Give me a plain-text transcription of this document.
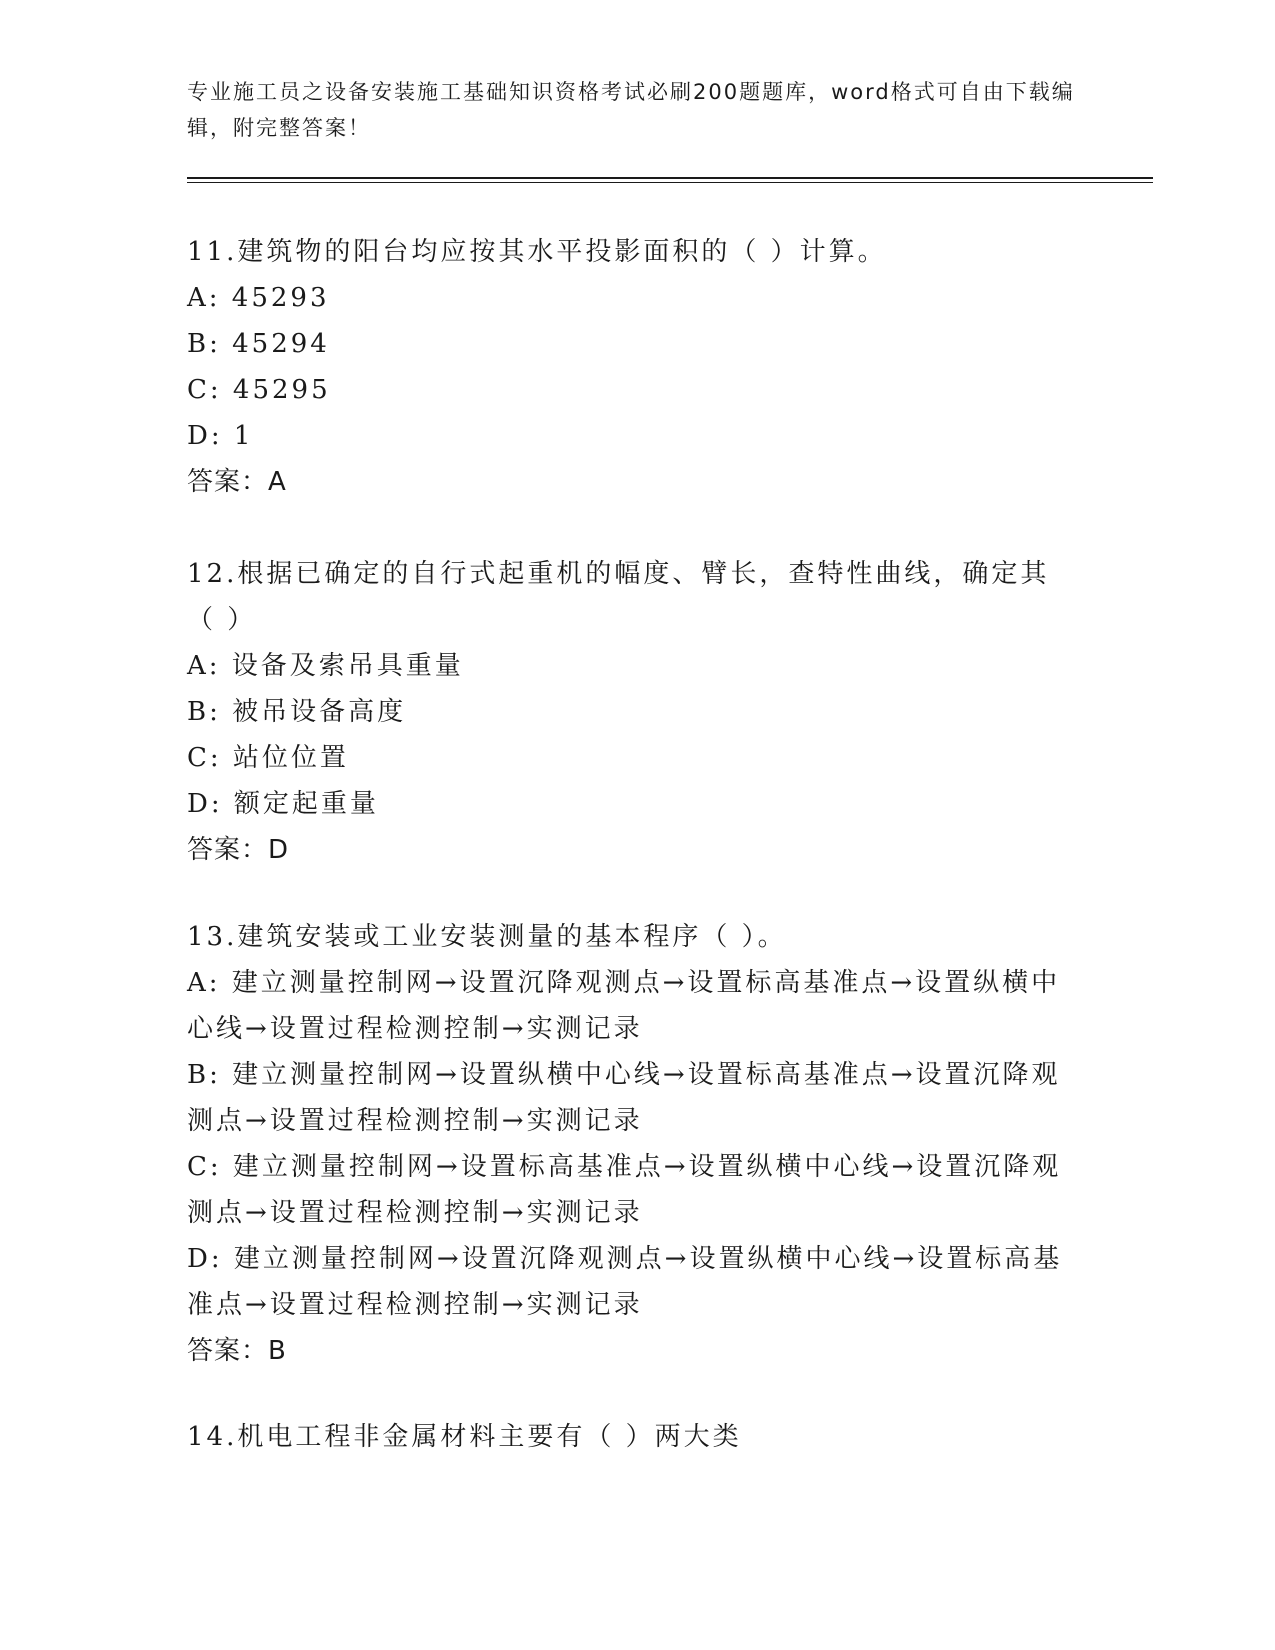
专业施工员之设备安装施工基础知识资格考试必刷200题题库，word格式可自由下载编辑，附完整答案！
11.建筑物的阳台均应按其水平投影面积的（ ）计算。
A: 45293
B: 45294
C: 45295
D: 1
答案：A
12.根据已确定的自行式起重机的幅度、臂长，查特性曲线，确定其（ ）
A: 设备及索吊具重量
B: 被吊设备高度
C: 站位位置
D: 额定起重量
答案：D
13.建筑安装或工业安装测量的基本程序（ ）。
A: 建立测量控制网→设置沉降观测点→设置标高基准点→设置纵横中心线→设置过程检测控制→实测记录
B: 建立测量控制网→设置纵横中心线→设置标高基准点→设置沉降观测点→设置过程检测控制→实测记录
C: 建立测量控制网→设置标高基准点→设置纵横中心线→设置沉降观测点→设置过程检测控制→实测记录
D: 建立测量控制网→设置沉降观测点→设置纵横中心线→设置标高基准点→设置过程检测控制→实测记录
答案：B
14.机电工程非金属材料主要有（ ）两大类
